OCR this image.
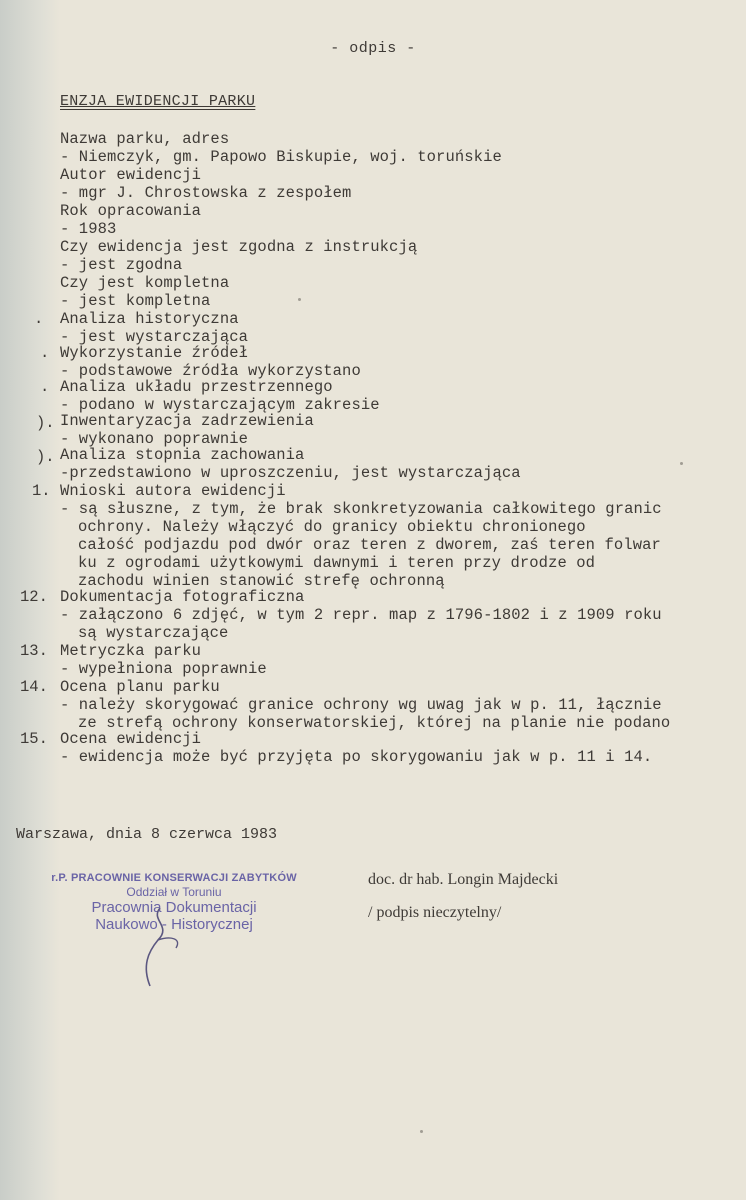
- odpis -
ENZJA EWIDENCJI PARKU
Nazwa parku, adres
- Niemczyk, gm. Papowo Biskupie, woj. toruńskie
Autor ewidencji
- mgr J. Chrostowska z zespołem
Rok opracowania
- 1983
Czy ewidencja jest zgodna z instrukcją
- jest zgodna
Czy jest kompletna
- jest kompletna
. Analiza historyczna
- jest wystarczająca
. Wykorzystanie źródeł
- podstawowe źródła wykorzystano
. Analiza układu przestrzennego
- podano w wystarczającym zakresie
). Inwentaryzacja zadrzewienia
- wykonano poprawnie
). Analiza stopnia zachowania
-przedstawiono w uproszczeniu, jest wystarczająca
1. Wnioski autora ewidencji
- są słuszne, z tym, że brak skonkretyzowania całkowitego granic
ochrony. Należy włączyć do granicy obiektu chronionego
całość podjazdu pod dwór oraz teren z dworem, zaś teren folwar
ku z ogrodami użytkowymi dawnymi i teren przy drodze od
zachodu winien stanowić strefę ochronną
12. Dokumentacja fotograficzna
- załączono 6 zdjęć, w tym 2 repr. map z 1796-1802 i z 1909 roku
są wystarczające
13. Metryczka parku
- wypełniona poprawnie
14. Ocena planu parku
- należy skorygować granice ochrony wg uwag jak w p. 11, łącznie
ze strefą ochrony konserwatorskiej, której na planie nie podano
15. Ocena ewidencji
- ewidencja może być przyjęta po skorygowaniu jak w p. 11 i 14.
Warszawa, dnia 8 czerwca 1983
r.P. PRACOWNIE KONSERWACJI ZABYTKÓW
Oddział w Toruniu
Pracownia Dokumentacji
Naukowo - Historycznej
doc. dr hab. Longin Majdecki
/ podpis nieczytelny/
